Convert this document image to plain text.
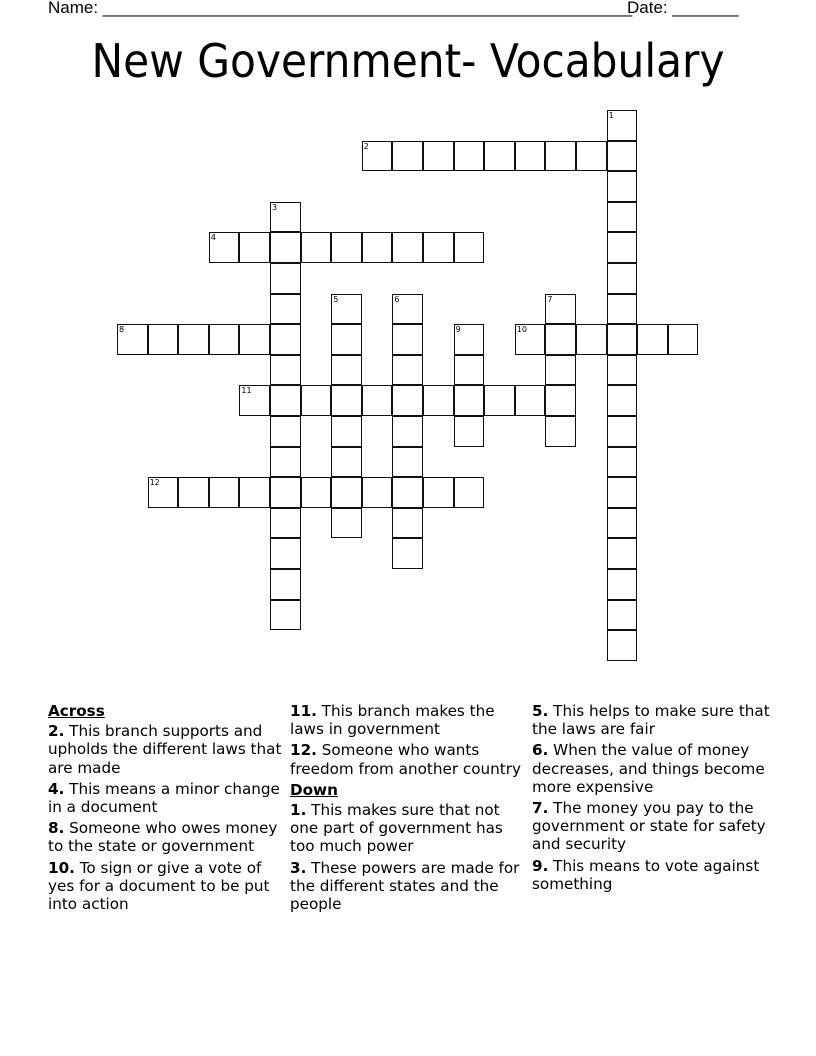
Name: ________________________________________________________
Date: _______
New Government- Vocabulary
1
2
3
4
5	6	7
8	9	10
11
12
Across
2. This branch supports and upholds the different laws that are made
4. This means a minor change in a document
8. Someone who owes money to the state or government
10. To sign or give a vote of yes for a document to be put into action
11. This branch makes the laws in government
12. Someone who wants freedom from another country
Down
1. This makes sure that not one part of government has too much power
3. These powers are made for the different states and the people
5. This helps to make sure that the laws are fair
6. When the value of money decreases, and things become more expensive
7. The money you pay to the government or state for safety and security
9. This means to vote against something
